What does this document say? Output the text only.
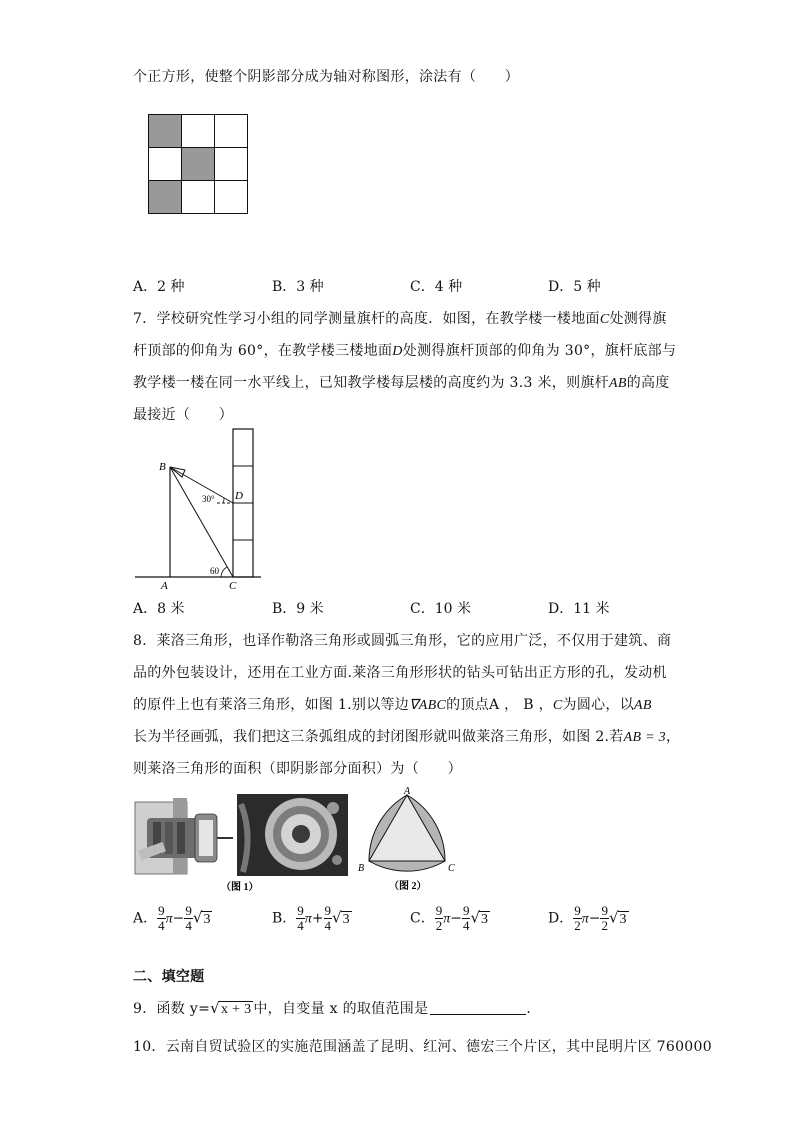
个正方形，使整个阴影部分成为轴对称图形，涂法有（　　）
A．2 种	B．3 种	C．4 种	D．5 种
7．学校研究性学习小组的同学测量旗杆的高度．如图，在教学楼一楼地面C处测得旗
杆顶部的仰角为 60°，在教学楼三楼地面D处测得旗杆顶部的仰角为 30°，旗杆底部与
教学楼一楼在同一水平线上，已知教学楼每层楼的高度约为 3.3 米，则旗杆AB的高度
最接近（　　）
B
D
30°
60
A	C
A．8 米	B．9 米	C．10 米	D．11 米
8．莱洛三角形，也译作勒洛三角形或圆弧三角形，它的应用广泛，不仅用于建筑、商
品的外包装设计，还用在工业方面.莱洛三角形形状的钻头可钻出正方形的孔，发动机
的原件上也有莱洛三角形，如图 1.别以等边∇ABC的顶点A ， B ，C为圆心，以AB
长为半径画弧，我们把这三条弧组成的封闭图形就叫做莱洛三角形，如图 2.若AB = 3，
则莱洛三角形的面积（即阴影部分面积）为（　　）
（图 1）
A
B	C
（图 2）
A． $\frac{9}{4} \pi- \frac{9}{4} √3$	B． $\frac{9}{4} \pi+ \frac{9}{4} √3$	C． $\frac{9}{2} \pi- \frac{9}{4} √3$	D． $\frac{9}{2} \pi- \frac{9}{2} √3$
二、填空题
9．函数 y=√x + 3 中，自变量 x 的取值范围是	．
10．云南自贸试验区的实施范围涵盖了昆明、红河、德宏三个片区，其中昆明片区 760000
